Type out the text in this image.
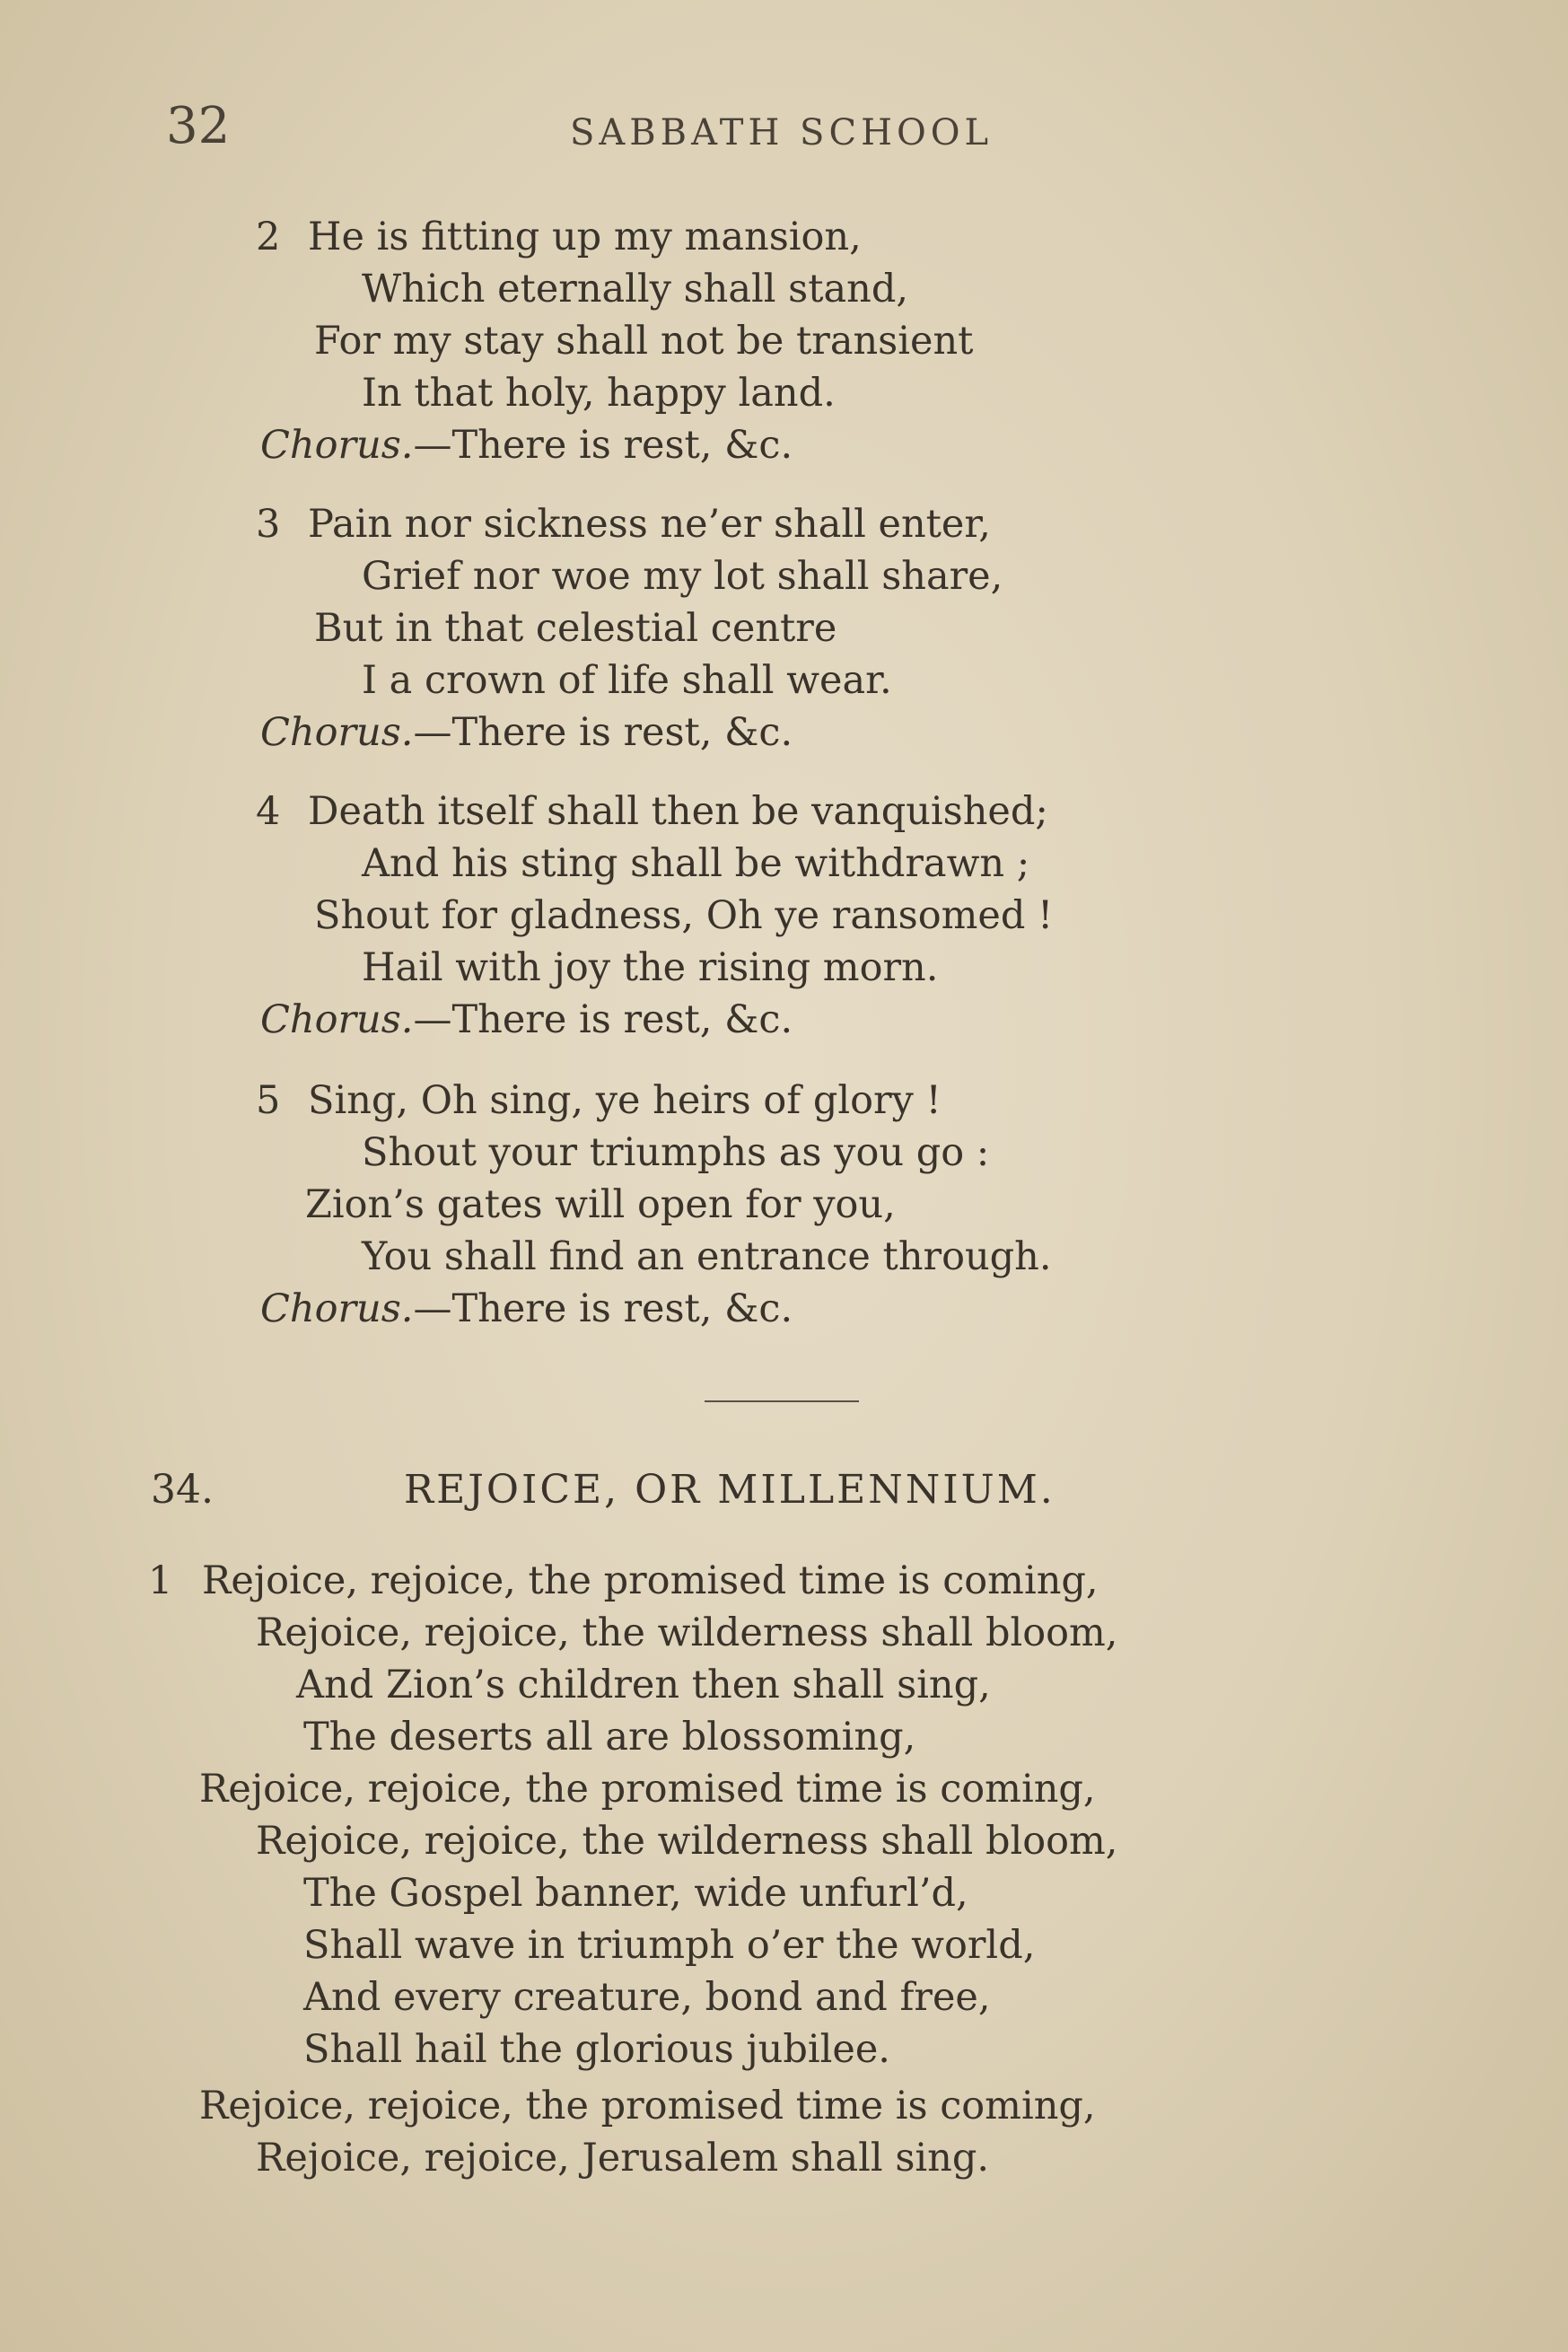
32	SABBATH SCHOOL
2 He is fitting up my mansion,
Which eternally shall stand,
For my stay shall not be transient
In that holy, happy land.
Chorus.—There is rest, &c.
3 Pain nor sickness ne’er shall enter,
Grief nor woe my lot shall share,
But in that celestial centre
I a crown of life shall wear.
Chorus.—There is rest, &c.
4 Death itself shall then be vanquished;
And his sting shall be withdrawn ;
Shout for gladness, Oh ye ransomed !
Hail with joy the rising morn.
Chorus.—There is rest, &c.
5 Sing, Oh sing, ye heirs of glory !
Shout your triumphs as you go :
Zion’s gates will open for you,
You shall find an entrance through.
Chorus.—There is rest, &c.
34.	REJOICE, OR MILLENNIUM.
1 Rejoice, rejoice, the promised time is coming,
Rejoice, rejoice, the wilderness shall bloom,
And Zion’s children then shall sing,
The deserts all are blossoming,
Rejoice, rejoice, the promised time is coming,
Rejoice, rejoice, the wilderness shall bloom,
The Gospel banner, wide unfurl’d,
Shall wave in triumph o’er the world,
And every creature, bond and free,
Shall hail the glorious jubilee.
Rejoice, rejoice, the promised time is coming,
Rejoice, rejoice, Jerusalem shall sing.
